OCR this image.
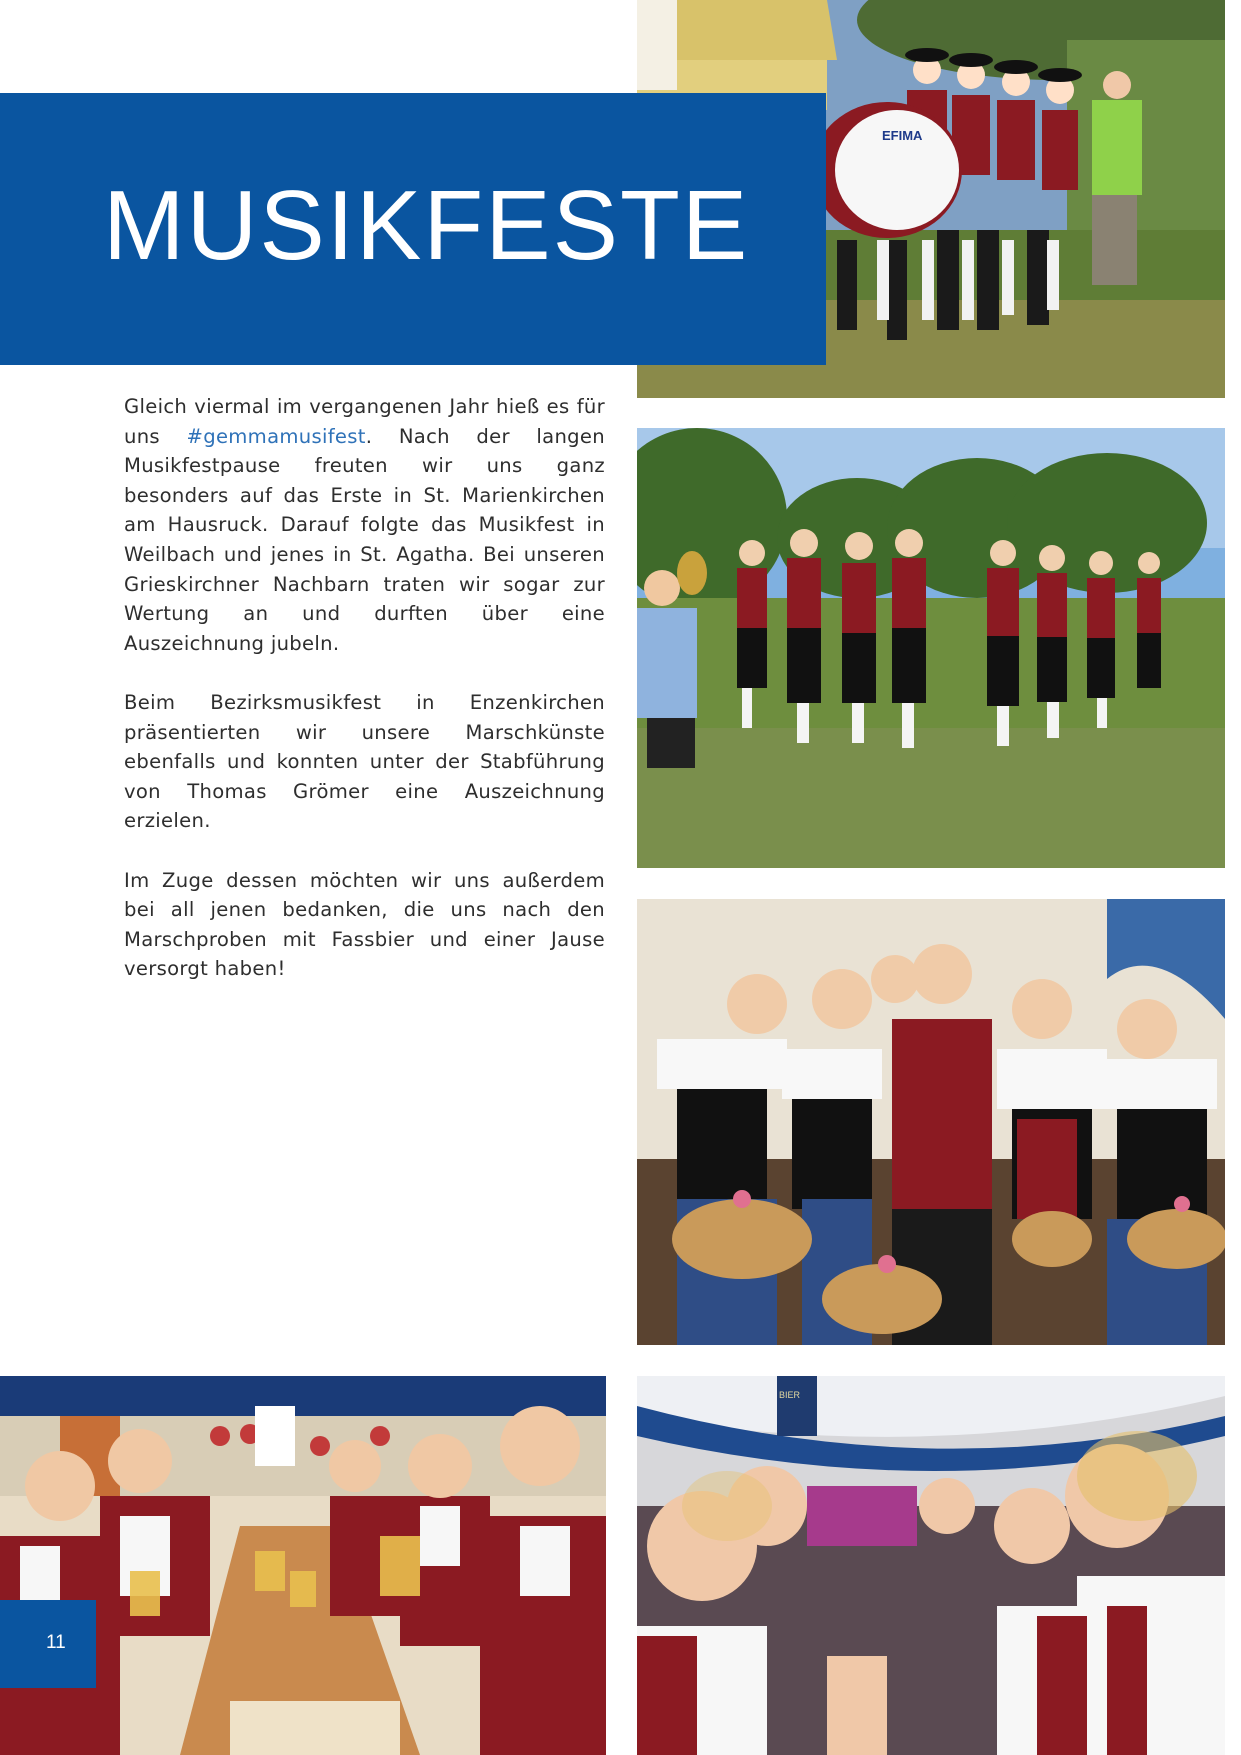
EFIMA
BIER
MUSIKFESTE

Gleich viermal im vergangenen Jahr hieß es für uns #gemmamusifest. Nach der langen Musikfestpause freuten wir uns ganz besonders auf das Erste in St. Marienkirchen am Hausruck. Darauf folgte das Musikfest in Weilbach und jenes in St. Agatha. Bei unseren Grieskirchner Nachbarn traten wir sogar zur Wertung an und durften über eine Auszeichnung jubeln.

Beim Bezirksmusikfest in Enzenkirchen präsentierten wir unsere Marschkünste ebenfalls und konnten unter der Stabführung von Thomas Grömer eine Auszeichnung erzielen.

Im Zuge dessen möchten wir uns außerdem bei all jenen bedanken, die uns nach den Marschproben mit Fassbier und einer Jause versorgt haben!

11
